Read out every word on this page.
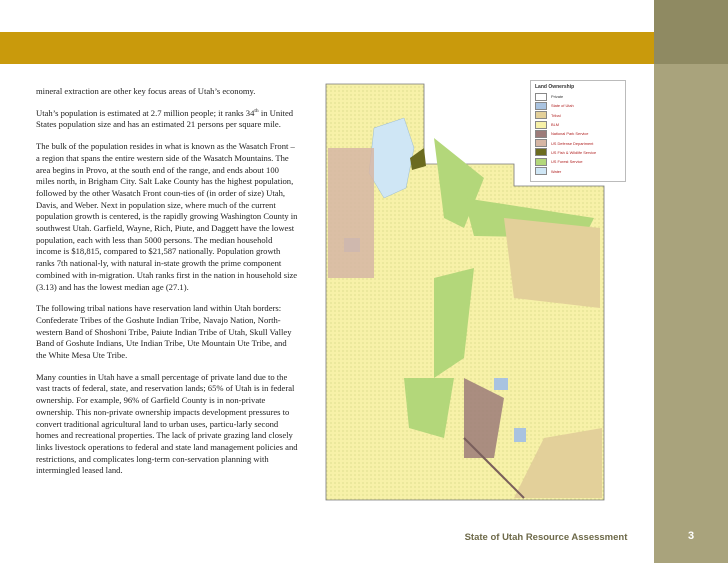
mineral extraction are other key focus areas of Utah’s economy.

Utah’s population is estimated at 2.7 million people; it ranks 34th in United States population size and has an estimated 21 persons per square mile.

The bulk of the population resides in what is known as the Wasatch Front – a region that spans the entire western side of the Wasatch Mountains. The area begins in Provo, at the south end of the range, and ends about 100 miles north, in Brigham City. Salt Lake County has the highest population, followed by the other Wasatch Front coun-ties of (in order of size) Utah, Davis, and Weber. Next in population size, where much of the current population growth is centered, is the rapidly growing Washington County in southwest Utah. Garfield, Wayne, Rich, Piute, and Daggett have the lowest population, each with less than 5000 persons. The median household income is $18,815, compared to $21,587 nationally. Population growth ranks 7th national-ly, with natural in-state growth the prime component combined with in-migration. Utah ranks first in the nation in household size (3.13) and has the lowest median age (27.1).

The following tribal nations have reservation land within Utah borders: Confederate Tribes of the Goshute Indian Tribe, Navajo Nation, North-western Band of Shoshoni Tribe, Paiute Indian Tribe of Utah, Skull Valley Band of Goshute Indians, Ute Indian Tribe, Ute Mountain Ute Tribe, and the White Mesa Ute Tribe.

Many counties in Utah have a small percentage of private land due to the vast tracts of federal, state, and reservation lands; 65% of Utah is in federal ownership. For example, 96% of Garfield County is in non-private ownership. This non-private ownership impacts development pressures to convert traditional agricultural land to urban uses, particu-larly second homes and recreational properties. The lack of private grazing land closely links livestock operations to federal and state land management policies and restrictions, and complicates long-term con-servation planning with intermingled leased land.

Land Ownership
Private
State of Utah
Tribal
BLM
National Park Service
US Defense Department
US Fish & Wildlife Service
US Forest Service
Water
State of Utah Resource Assessment	3
